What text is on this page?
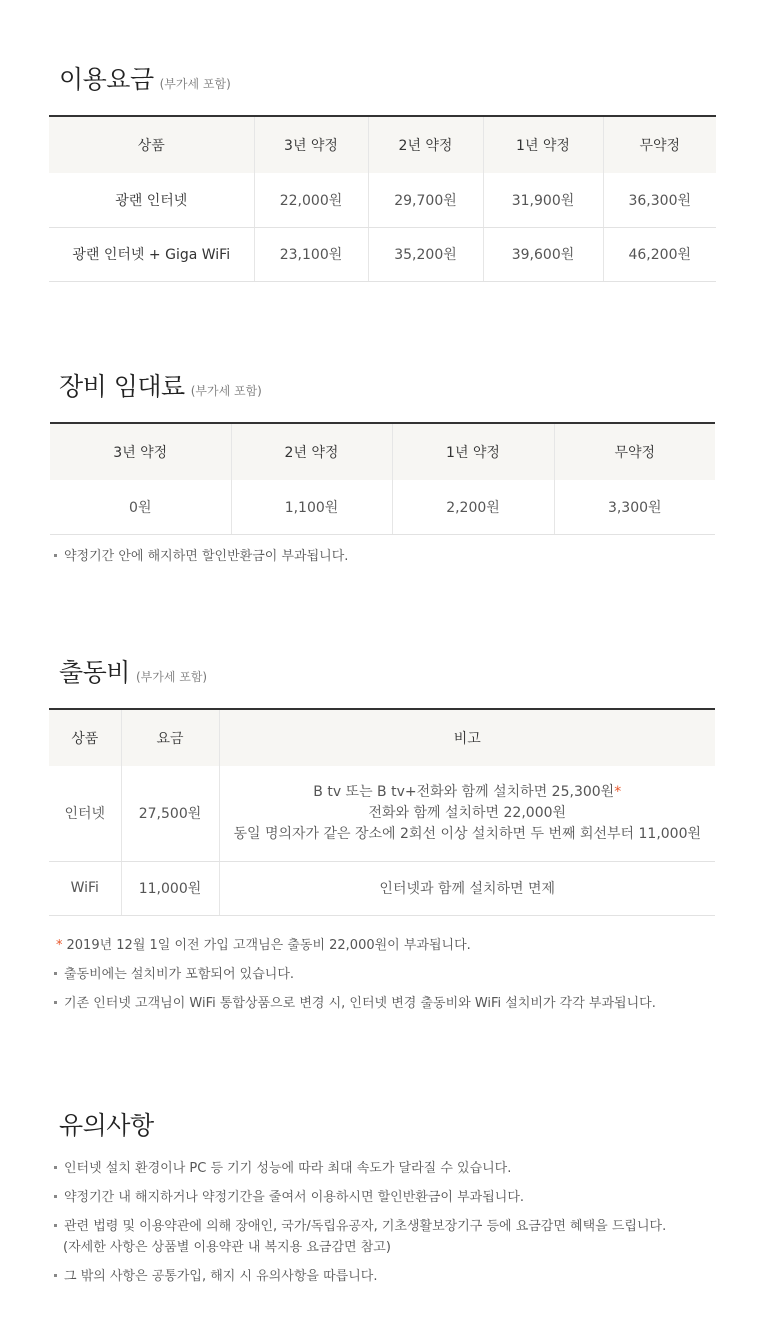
이용요금 (부가세 포함)
상품	3년 약정	2년 약정	1년 약정	무약정
광랜 인터넷	22,000원	29,700원	31,900원	36,300원
광랜 인터넷 + Giga WiFi	23,100원	35,200원	39,600원	46,200원
장비 임대료 (부가세 포함)
3년 약정	2년 약정	1년 약정	무약정
0원	1,100원	2,200원	3,300원
약정기간 안에 해지하면 할인반환금이 부과됩니다.
출동비 (부가세 포함)
상품	요금	비고
인터넷	27,500원	B tv 또는 B tv+전화와 함께 설치하면 25,300원*
전화와 함께 설치하면 22,000원
동일 명의자가 같은 장소에 2회선 이상 설치하면 두 번째 회선부터 11,000원

WiFi	11,000원	인터넷과 함께 설치하면 면제
* 2019년 12월 1일 이전 가입 고객님은 출동비 22,000원이 부과됩니다.
출동비에는 설치비가 포함되어 있습니다.
기존 인터넷 고객님이 WiFi 통합상품으로 변경 시, 인터넷 변경 출동비와 WiFi 설치비가 각각 부과됩니다.
유의사항
인터넷 설치 환경이나 PC 등 기기 성능에 따라 최대 속도가 달라질 수 있습니다.
약정기간 내 해지하거나 약정기간을 줄여서 이용하시면 할인반환금이 부과됩니다.
관련 법령 및 이용약관에 의해 장애인, 국가/독립유공자, 기초생활보장기구 등에 요금감면 혜택을 드립니다.
(자세한 사항은 상품별 이용약관 내 복지용 요금감면 참고)
그 밖의 사항은 공통가입, 해지 시 유의사항을 따릅니다.
